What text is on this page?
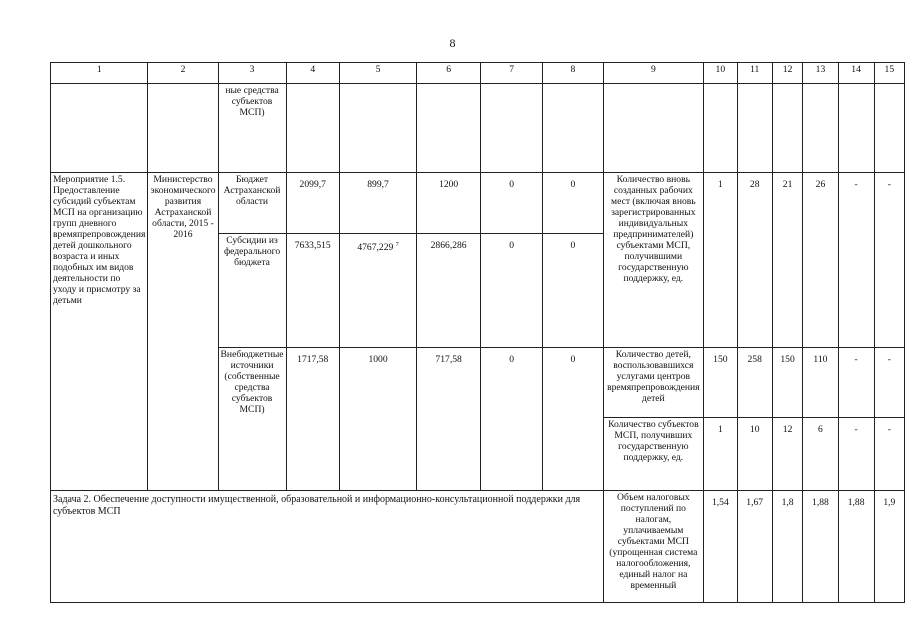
8
1	2	3	4	5	6	7	8	9	10	11	12	13	14	15
		ные средства субъектов МСП)												
Мероприятие 1.5. Предоставление субсидий субъектам МСП на организацию групп дневного времяпрепровождения детей дошкольного возраста и иных подобных им видов деятельности по уходу и присмотру за детьми	Министерство экономического развития Астраханской области, 2015 - 2016	Бюджет Астраханской области	2099,7	899,7	1200	0	0	Количество вновь созданных рабочих мест (включая вновь зарегистрированных индивидуальных предпринимателей) субъектами МСП, получившими государственную поддержку, ед.	1	28	21	26	-	-
		Субсидии из федерального бюджета	7633,515	4767,229 $^7$	2866,286	0	0							
		Внебюджетные источники (собственные средства субъектов МСП)	1717,58	1000	717,58	0	0	Количество детей, воспользовавшихся услугами центров времяпрепровождения детей	150	258	150	110	-	-
								Количество субъектов МСП, получивших государственную поддержку, ед.	1	10	12	6	-	-
Задача 2. Обеспечение доступности имущественной, образовательной и информационно-консультационной поддержки для субъектов МСП								Объем налоговых поступлений по налогам, уплачиваемым субъектами МСП (упрощенная система налогообложения, единый налог на временный	1,54	1,67	1,8	1,88	1,88	1,9
